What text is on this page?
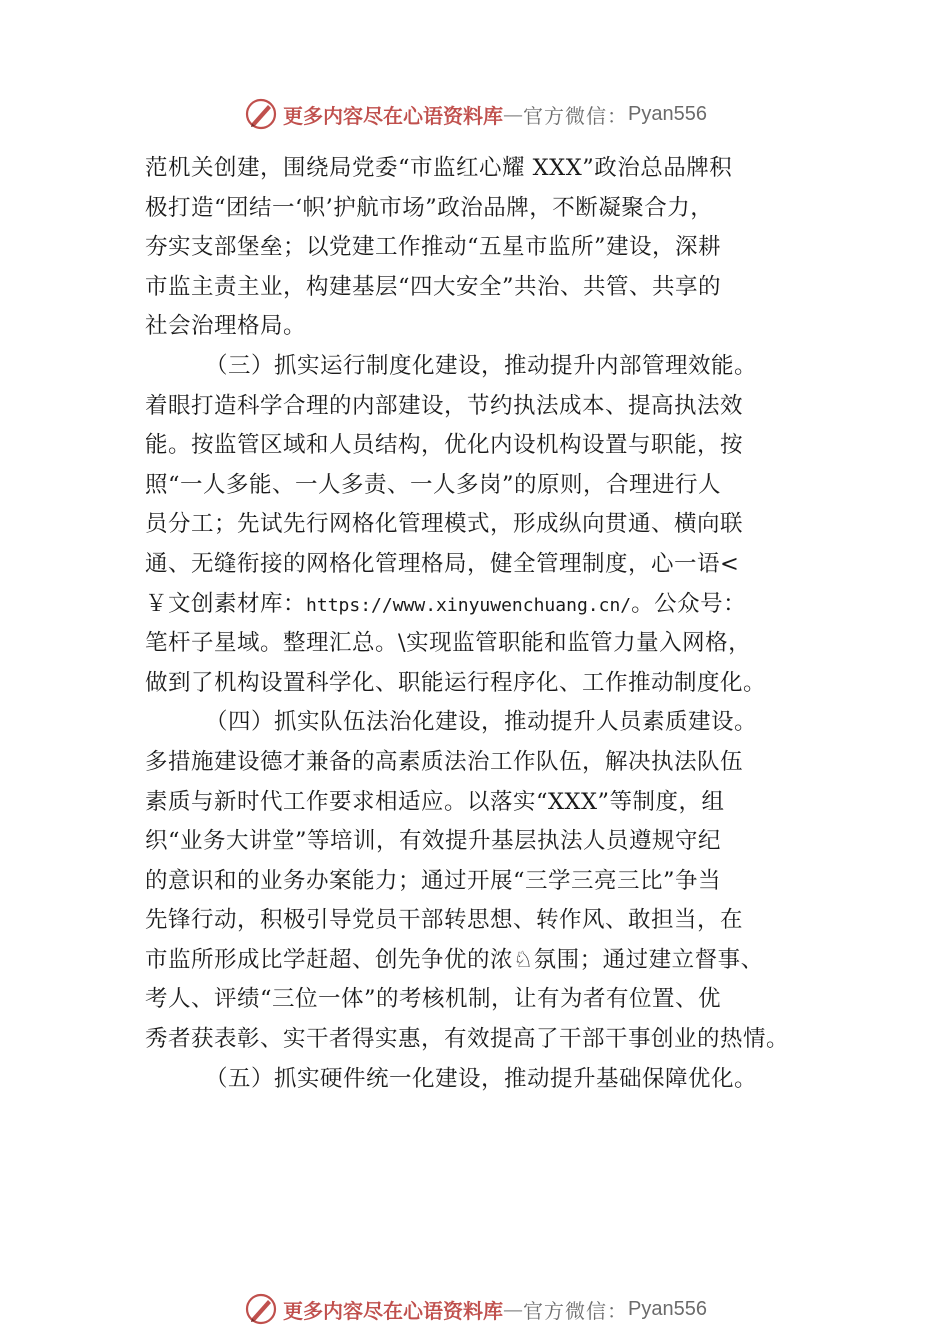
更多内容尽在心语资料库 — 官方微信： Pyan556
范机关创建，围绕局党委“市监红心耀 XXX”政治总品牌积
极打造“团结一‘帜’护航市场”政治品牌，不断凝聚合力，
夯实支部堡垒；以党建工作推动“五星市监所”建设，深耕
市监主责主业，构建基层“四大安全”共治、共管、共享的
社会治理格局。
（三）抓实运行制度化建设，推动提升内部管理效能。
着眼打造科学合理的内部建设，节约执法成本、提高执法效
能。按监管区域和人员结构，优化内设机构设置与职能，按
照“一人多能、一人多责、一人多岗”的原则，合理进行人
员分工；先试先行网格化管理模式，形成纵向贯通、横向联
通、无缝衔接的网格化管理格局，健全管理制度，心一语<
￥文创素材库：https://www.xinyuwenchuang.cn/。公众号：
笔杆子星域。整理汇总。\实现监管职能和监管力量入网格，
做到了机构设置科学化、职能运行程序化、工作推动制度化。
（四）抓实队伍法治化建设，推动提升人员素质建设。
多措施建设德才兼备的高素质法治工作队伍，解决执法队伍
素质与新时代工作要求相适应。以落实“XXX”等制度，组
织“业务大讲堂”等培训，有效提升基层执法人员遵规守纪
的意识和的业务办案能力；通过开展“三学三亮三比”争当
先锋行动，积极引导党员干部转思想、转作风、敢担当，在
市监所形成比学赶超、创先争优的浓♘氛围；通过建立督事、
考人、评绩“三位一体”的考核机制，让有为者有位置、优
秀者获表彰、实干者得实惠，有效提高了干部干事创业的热情。
（五）抓实硬件统一化建设，推动提升基础保障优化。
更多内容尽在心语资料库 — 官方微信： Pyan556
